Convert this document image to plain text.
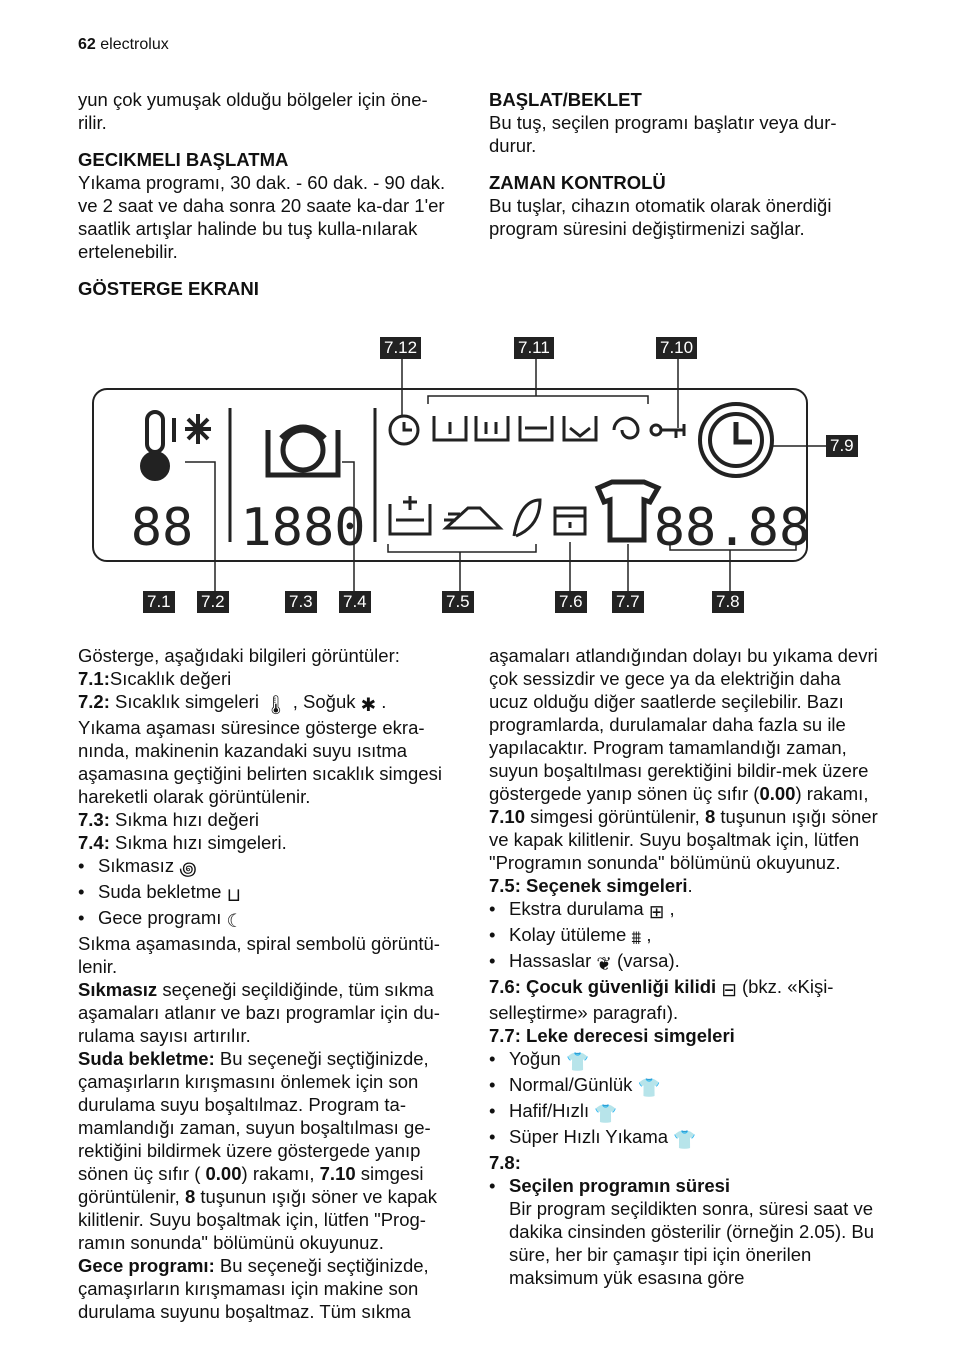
62 electrolux

yun çok yumuşak olduğu bölgeler için öne-
rilir.

GECIKMELI BAŞLATMA

Yıkama programı, 30 dak. - 60 dak. - 90 dak. ve 2 saat ve daha sonra 20 saate ka-dar 1'er saatlik artışlar halinde bu tuş kulla-nılarak ertelenebilir.

GÖSTERGE EKRANI

BAŞLAT/BEKLET

Bu tuş, seçilen programı başlatır veya dur-durur.

ZAMAN KONTROLÜ

Bu tuşlar, cihazın otomatik olarak önerdiği program süresini değiştirmenizi sağlar.

88 1880	88.88
7.12	7.11	7.10
7.9
7.1 7.2	7.3 7.4	7.5	7.6 7.7	7.8

Gösterge, aşağıdaki bilgileri görüntüler:

7.1:Sıcaklık değeri

7.2: Sıcaklık simgeleri 🌡 , Soğuk ✱ .

Yıkama aşaması süresince gösterge ekra-nında, makinenin kazandaki suyu ısıtma aşamasına geçtiğini belirten sıcaklık simgesi hareketli olarak görüntülenir.

7.3: Sıkma hızı değeri

7.4: Sıkma hızı simgeleri.

• Sıkmasız ꩜

• Suda bekletme ⊔

• Gece programı ☾

Sıkma aşamasında, spiral sembolü görüntü-lenir.

Sıkmasız seçeneği seçildiğinde, tüm sıkma aşamaları atlanır ve bazı programlar için du-rulama sayısı artırılır.

Suda bekletme: Bu seçeneği seçtiğinizde, çamaşırların kırışmasını önlemek için son durulama suyu boşaltılmaz. Program ta-mamlandığı zaman, suyun boşaltılması ge-rektiğini bildirmek üzere göstergede yanıp sönen üç sıfır ( 0.00) rakamı, 7.10 simgesi görüntülenir, 8 tuşunun ışığı söner ve kapak kilitlenir. Suyu boşaltmak için, lütfen "Prog-ramın sonunda" bölümünü okuyunuz.

Gece programı: Bu seçeneği seçtiğinizde, çamaşırların kırışmaması için makine son durulama suyunu boşaltmaz. Tüm sıkma

aşamaları atlandığından dolayı bu yıkama devri çok sessizdir ve gece ya da elektriğin daha ucuz olduğu diğer saatlerde seçilebilir. Bazı programlarda, durulamalar daha fazla su ile yapılacaktır. Program tamamlandığı zaman, suyun boşaltılması gerektiğini bildir-mek üzere göstergede yanıp sönen üç sıfır (0.00) rakamı, 7.10 simgesi görüntülenir, 8 tuşunun ışığı söner ve kapak kilitlenir. Suyu boşaltmak için, lütfen "Programın sonunda" bölümünü okuyunuz.

7.5: Seçenek simgeleri.

• Ekstra durulama ⊞ ,

• Kolay ütüleme ⩩ ,

• Hassaslar ❦ (varsa).

7.6: Çocuk güvenliği kilidi ⊟ (bkz. «Kişi-selleştirme» paragrafı).

7.7: Leke derecesi simgeleri

• Yoğun 👕

• Normal/Günlük 👕

• Hafif/Hızlı 👕

• Süper Hızlı Yıkama 👕

7.8:

• Seçilen programın süresi

Bir program seçildikten sonra, süresi saat ve dakika cinsinden gösterilir (örneğin 2.05). Bu süre, her bir çamaşır tipi için önerilen maksimum yük esasına göre
